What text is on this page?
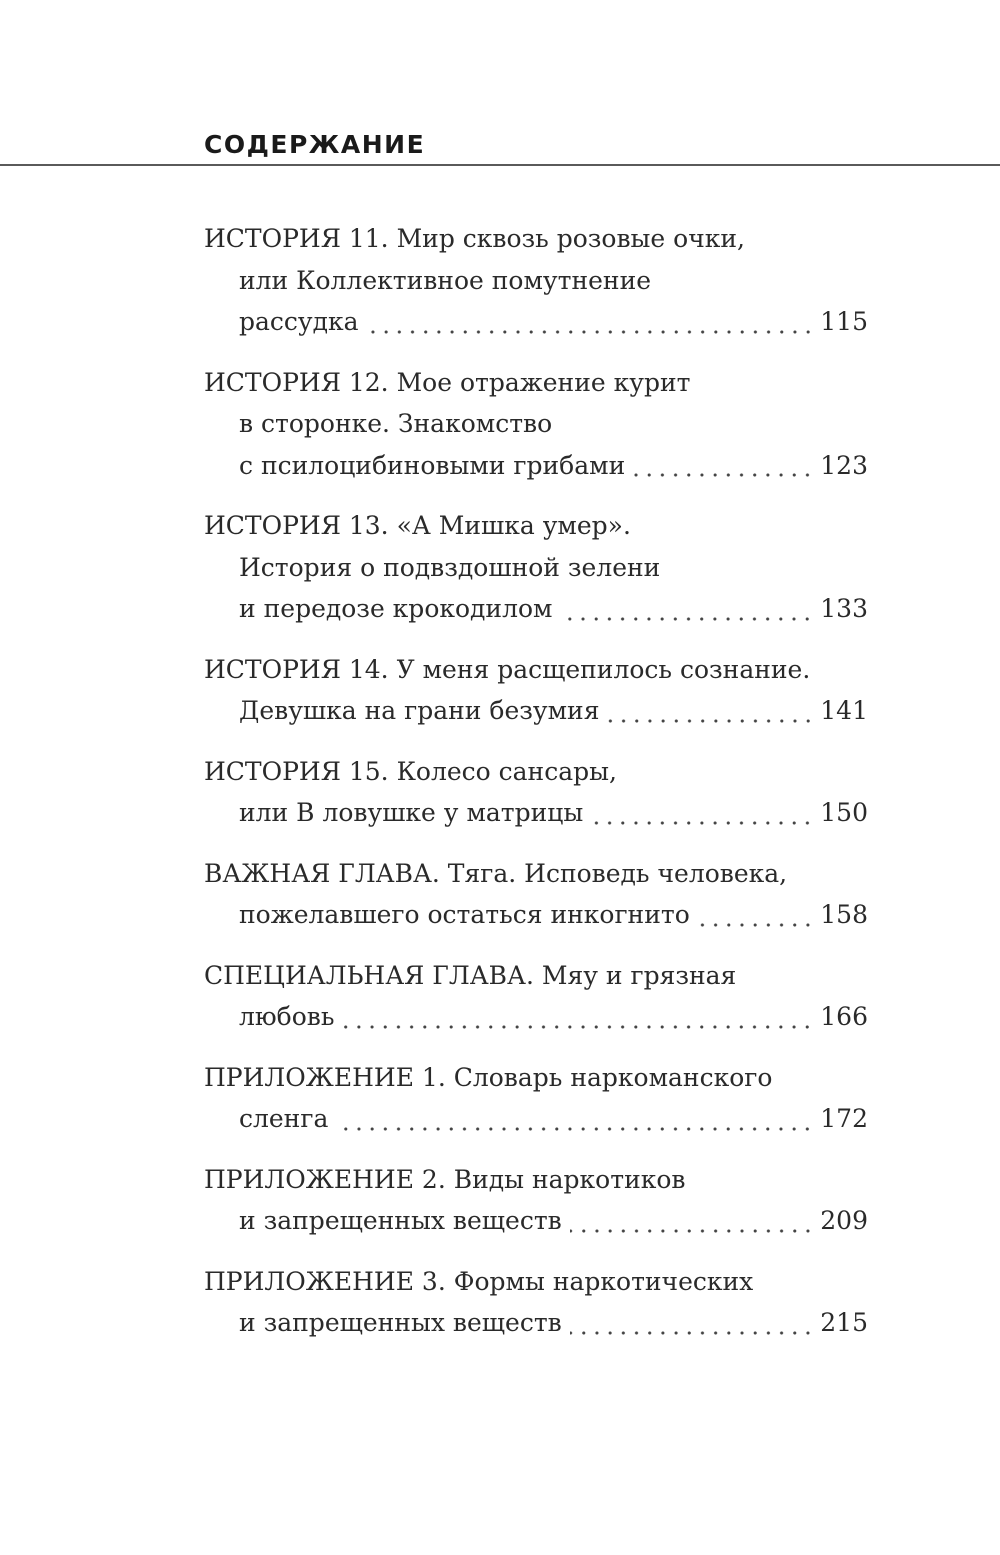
СОДЕРЖАНИЕ
ИСТОРИЯ 11. Мир сквозь розовые очки,
или Коллективное помутнение
рассудка	115
ИСТОРИЯ 12. Мое отражение курит
в сторонке. Знакомство
с псилоцибиновыми грибами	123
ИСТОРИЯ 13. «А Мишка умер».
История о подвздошной зелени
и передозе крокодилом	133
ИСТОРИЯ 14. У меня расщепилось сознание.
Девушка на грани безумия	141
ИСТОРИЯ 15. Колесо сансары,
или В ловушке у матрицы	150
ВАЖНАЯ ГЛАВА. Тяга. Исповедь человека,
пожелавшего остаться инкогнито	158
СПЕЦИАЛЬНАЯ ГЛАВА. Мяу и грязная
любовь	166
ПРИЛОЖЕНИЕ 1. Словарь наркоманского
сленга	172
ПРИЛОЖЕНИЕ 2. Виды наркотиков
и запрещенных веществ	209
ПРИЛОЖЕНИЕ 3. Формы наркотических
и запрещенных веществ	215
